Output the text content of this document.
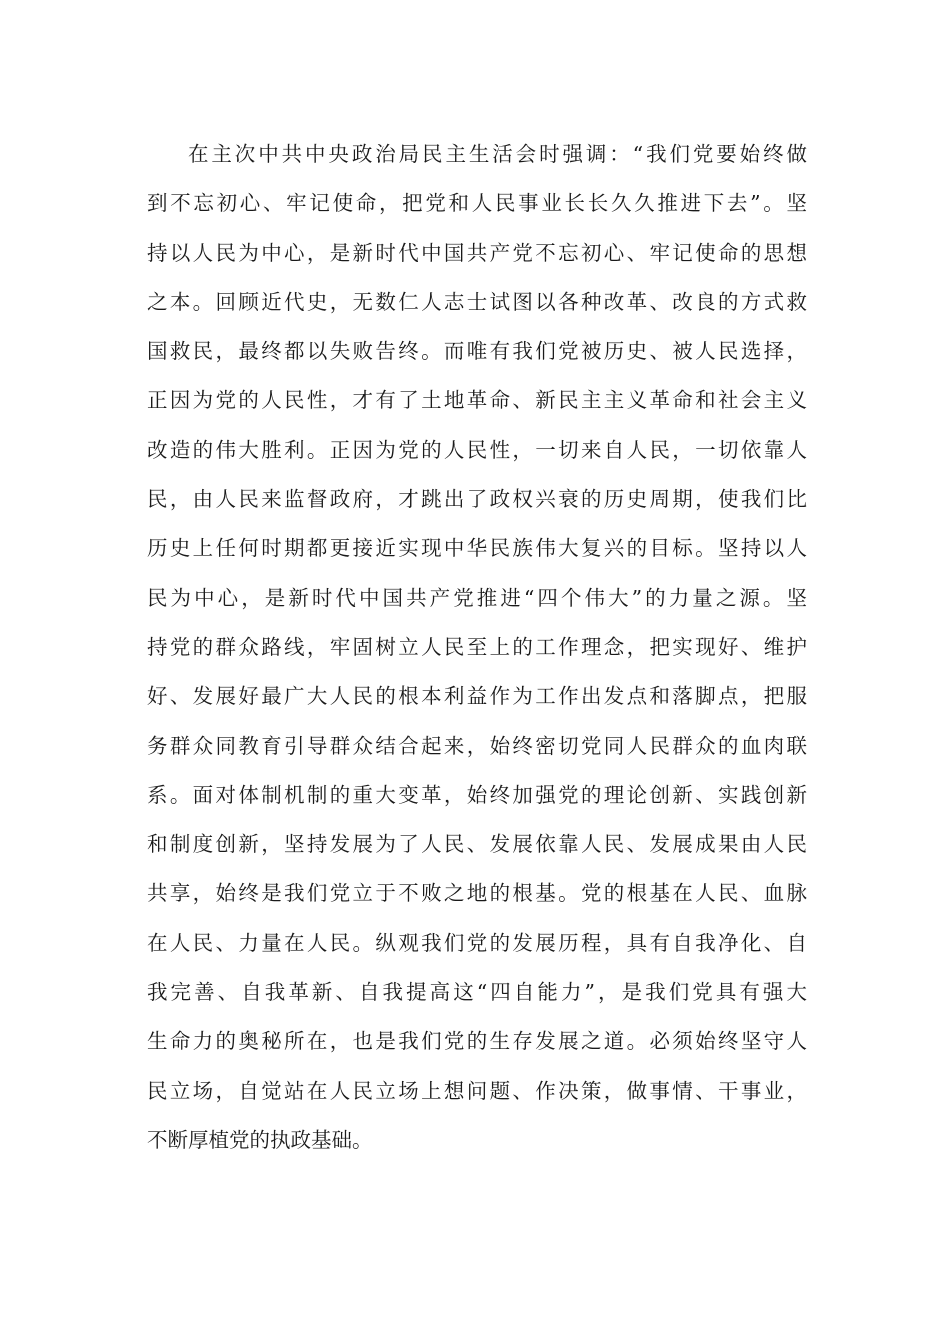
在主次中共中央政治局民主生活会时强调：“我们党要始终做
到不忘初心、牢记使命，把党和人民事业长长久久推进下去”。坚
持以人民为中心，是新时代中国共产党不忘初心、牢记使命的思想
之本。回顾近代史，无数仁人志士试图以各种改革、改良的方式救
国救民，最终都以失败告终。而唯有我们党被历史、被人民选择，
正因为党的人民性，才有了土地革命、新民主主义革命和社会主义
改造的伟大胜利。正因为党的人民性，一切来自人民，一切依靠人
民，由人民来监督政府，才跳出了政权兴衰的历史周期，使我们比
历史上任何时期都更接近实现中华民族伟大复兴的目标。坚持以人
民为中心，是新时代中国共产党推进“四个伟大”的力量之源。坚
持党的群众路线，牢固树立人民至上的工作理念，把实现好、维护
好、发展好最广大人民的根本利益作为工作出发点和落脚点，把服
务群众同教育引导群众结合起来，始终密切党同人民群众的血肉联
系。面对体制机制的重大变革，始终加强党的理论创新、实践创新
和制度创新，坚持发展为了人民、发展依靠人民、发展成果由人民
共享，始终是我们党立于不败之地的根基。党的根基在人民、血脉
在人民、力量在人民。纵观我们党的发展历程，具有自我净化、自
我完善、自我革新、自我提高这“四自能力”，是我们党具有强大
生命力的奥秘所在，也是我们党的生存发展之道。必须始终坚守人
民立场，自觉站在人民立场上想问题、作决策，做事情、干事业，
不断厚植党的执政基础。
